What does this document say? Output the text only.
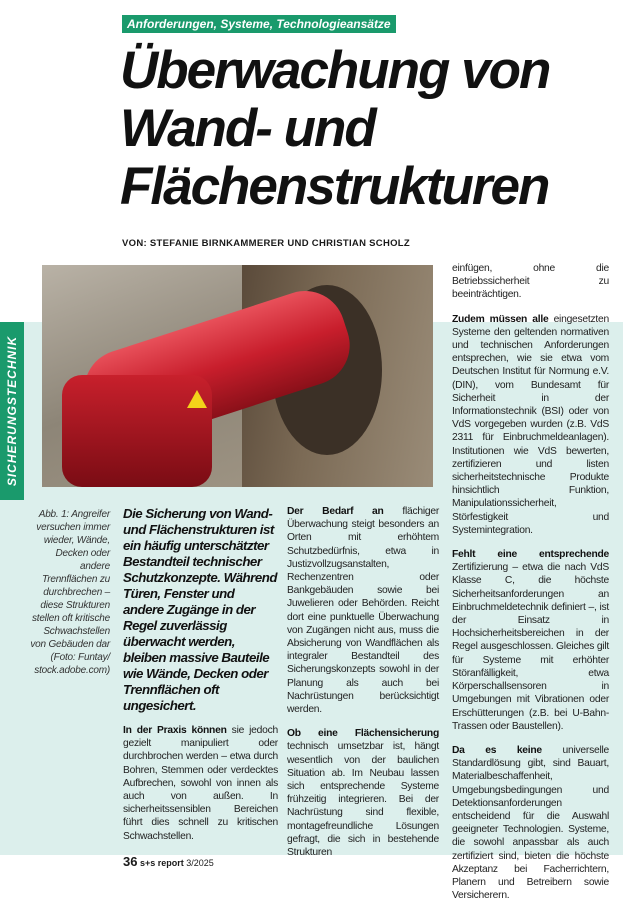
SICHERUNGSTECHNIK
Anforderungen, Systeme, Technologieansätze
Überwachung von
Wand- und
Flächenstrukturen
VON: STEFANIE BIRNKAMMERER UND CHRISTIAN SCHOLZ
Abb. 1: Angreifer versuchen immer wieder, Wände, Decken oder andere Trennflächen zu durchbrechen – diese Strukturen stellen oft kritische Schwachstellen von Gebäuden dar (Foto: Funtay/ stock.adobe.com)
Die Sicherung von Wand- und Flächenstrukturen ist ein häufig unterschätzter Bestandteil technischer Schutzkonzepte. Während Türen, Fenster und andere Zugänge in der Regel zuverlässig überwacht werden, bleiben massive Bauteile wie Wände, Decken oder Trennflächen oft ungesichert.

In der Praxis können sie jedoch gezielt manipuliert oder durchbrochen werden – etwa durch Bohren, Stemmen oder verdecktes Aufbrechen, sowohl von innen als auch von außen. In sicherheitssensiblen Bereichen führt dies schnell zu kritischen Schwachstellen.

36 s+s report 3/2025

Der Bedarf an flächiger Überwachung steigt besonders an Orten mit erhöhtem Schutzbedürfnis, etwa in Justizvollzugsanstalten, Rechenzentren oder Bankgebäuden sowie bei Juwelieren oder Behörden. Reicht dort eine punktuelle Überwachung von Zugängen nicht aus, muss die Absicherung von Wandflächen als integraler Bestandteil des Sicherungskonzepts sowohl in der Planung als auch bei Nachrüstungen berücksichtigt werden.

Ob eine Flächensicherung technisch umsetzbar ist, hängt wesentlich von der baulichen Situation ab. Im Neubau lassen sich entsprechende Systeme frühzeitig integrieren. Bei der Nachrüstung sind flexible, montagefreundliche Lösungen gefragt, die sich in bestehende Strukturen

einfügen, ohne die Betriebssicherheit zu beeinträchtigen.

Zudem müssen alle eingesetzten Systeme den geltenden normativen und technischen Anforderungen entsprechen, wie sie etwa vom Deutschen Institut für Normung e.V. (DIN), vom Bundesamt für Sicherheit in der Informationstechnik (BSI) oder von VdS vorgegeben wurden (z.B. VdS 2311 für Einbruchmeldeanlagen). Institutionen wie VdS bewerten, zertifizieren und listen sicherheitstechnische Produkte hinsichtlich Funktion, Manipulationssicherheit, Störfestigkeit und Systemintegration.

Fehlt eine entsprechende Zertifizierung – etwa die nach VdS Klasse C, die höchste Sicherheitsanforderungen an Einbruchmeldetechnik definiert –, ist der Einsatz in Hochsicherheitsbereichen in der Regel ausgeschlossen. Gleiches gilt für Systeme mit erhöhter Störanfälligkeit, etwa Körperschallsensoren in Umgebungen mit Vibrationen oder Erschütterungen (z.B. bei U-Bahn-Trassen oder Baustellen).

Da es keine universelle Standardlösung gibt, sind Bauart, Materialbeschaffenheit, Umgebungsbedingungen und Detektionsanforderungen entscheidend für die Auswahl geeigneter Technologien. Systeme, die sowohl anpassbar als auch zertifiziert sind, bieten die höchste Akzeptanz bei Facherrichtern, Planern und Betreibern sowie Versicherern.
